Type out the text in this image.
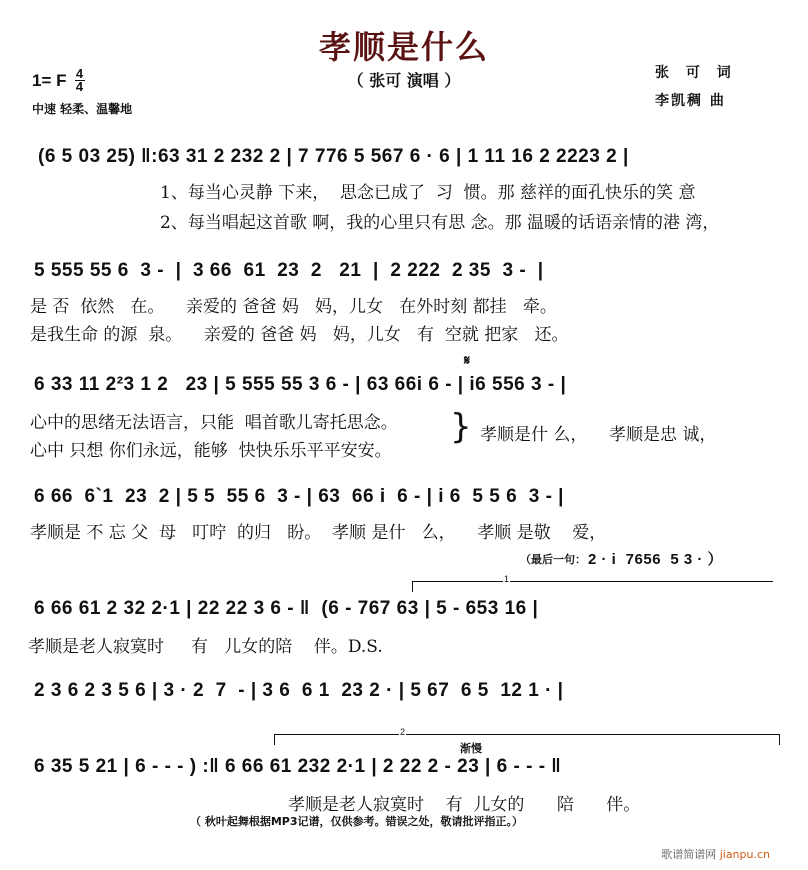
孝顺是什么
（ 张可 演唱 ）
1= F $\frac{4}{4}$
中速 轻柔、温馨地
张 可 词
李凯稠 曲
(6 5 03 25) ‖:63 31 2 232 2 | 7 776 5 567 6 · 6 | 1 11 16 2 2223 2 |
1、每当心灵静 下来，  思念已成了  习  惯。那 慈祥的面孔快乐的笑 意
2、每当唱起这首歌 啊，我的心里只有思 念。那 温暖的话语亲情的港 湾，
5 555 55 6  3 -  |  3 66  61  23  2   21  |  2 222  2 35  3 -  |
是 否  依然   在。    亲爱的 爸爸 妈   妈，儿女   在外时刻 都挂   牵。
是我生命 的源  泉。    亲爱的 爸爸 妈   妈，儿女   有  空就 把家   还。
𝄋
6 33 11 2²3 1 2   23 | 5 555 55 3 6 - | 63 66i 6 - | i6 556 3 - |
心中的思绪无法语言，只能  唱首歌儿寄托思念。
心中 只想 你们永远，能够  快快乐乐平平安安。
} 孝顺是什 么，    孝顺是忠 诚，
6 66  6`1  23  2 | 5 5  55 6  3 - | 63  66 i  6 - | i 6  5 5 6  3 - |
孝顺是 不 忘 父  母   叮咛  的归   盼。  孝顺 是什   么，    孝顺 是敬    爱，
（最后一句： 2 · i  7656  5 3 · ）
1
6 66 61 2 32 2·1 | 22 22 3 6 - ‖  (6 - 767 63 | 5 - 653 16 |
孝顺是老人寂寞时     有   儿女的陪    伴。D.S.
2 3 6 2 3 5 6 | 3 · 2  7  - | 3 6  6 1  23 2 · | 5 67  6 5  12 1 · |
2
渐慢
6 35 5 21 | 6 - - - ) :‖ 6 66 61 232 2·1 | 2 22 2 - 23 | 6 - - - ‖
孝顺是老人寂寞时    有  儿女的      陪      伴。
（ 秋叶起舞根据MP3记谱，仅供参考。错误之处，敬请批评指正。）
歌谱简谱网 jianpu.cn
